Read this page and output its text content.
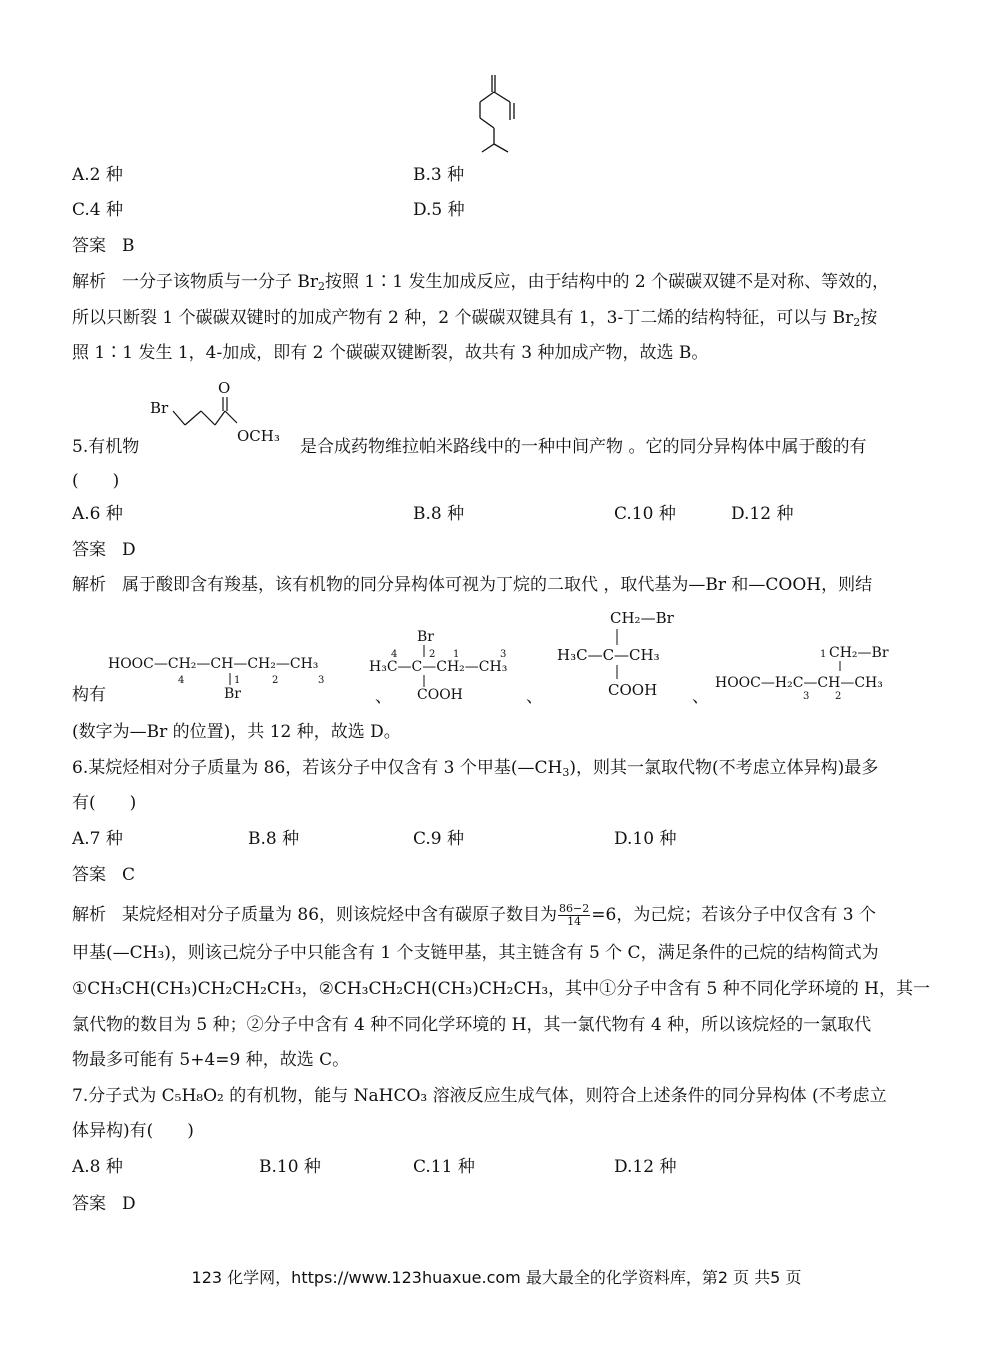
A.2 种	B.3 种
C.4 种	D.5 种
答案 B
解析 一分子该物质与一分子 $Br_2$按照 1∶1 发生加成反应，由于结构中的 2 个碳碳双键不是对称、等效的，
所以只断裂 1 个碳碳双键时的加成产物有 2 种，2 个碳碳双键具有 1，3-丁二烯的结构特征，可以与 $Br_2$按
照 1∶1 发生 1，4-加成，即有 2 个碳碳双键断裂，故共有 3 种加成产物，故选 B。
Br
O
OCH₃
5.有机物	是合成药物维拉帕米路线中的一种中间产物 。它的同分异构体中属于酸的有
(　　)
A.6 种	B.8 种	C.10 种	D.12 种
答案 D
解析 属于酸即含有羧基，该有机物的同分异构体可视为丁烷的二取代 ，取代基为—Br 和—COOH，则结
HOOC—CH₂—CH—CH₂—CH₃
4	1	2	3
Br
Br
H₃C—C—CH₂—CH₃
4	2 1	3
COOH
CH₂—Br
H₃C—C—CH₃
COOH
1 CH₂—Br
HOOC—H₂C—CH—CH₃
3	2
构有	、	、	、
(数字为—Br 的位置)，共 12 种，故选 D。
6.某烷烃相对分子质量为 86，若该分子中仅含有 3 个甲基$(—CH_3)$，则其一氯取代物(不考虑立体异构)最多
有(　　)
A.7 种	B.8 种	C.9 种	D.10 种
答案 C
解析 某烷烃相对分子质量为 86，则该烷烃中含有碳原子数目为 $\frac{86-2}{14} =6$，为己烷；若该分子中仅含有 3 个
甲基(—CH₃)，则该己烷分子中只能含有 1 个支链甲基，其主链含有 5 个 C，满足条件的己烷的结构简式为
①CH₃CH(CH₃)CH₂CH₂CH₃，②CH₃CH₂CH(CH₃)CH₂CH₃，其中①分子中含有 5 种不同化学环境的 H，其一
氯代物的数目为 5 种；②分子中含有 4 种不同化学环境的 H，其一氯代物有 4 种，所以该烷烃的一氯取代
物最多可能有 5+4=9 种，故选 C。
7.分子式为 C₅H₈O₂ 的有机物，能与 NaHCO₃ 溶液反应生成气体，则符合上述条件的同分异构体 (不考虑立
体异构)有(　　)
A.8 种	B.10 种	C.11 种	D.12 种
答案 D
123 化学网，https://www.123huaxue.com 最大最全的化学资料库，第2 页 共5 页
